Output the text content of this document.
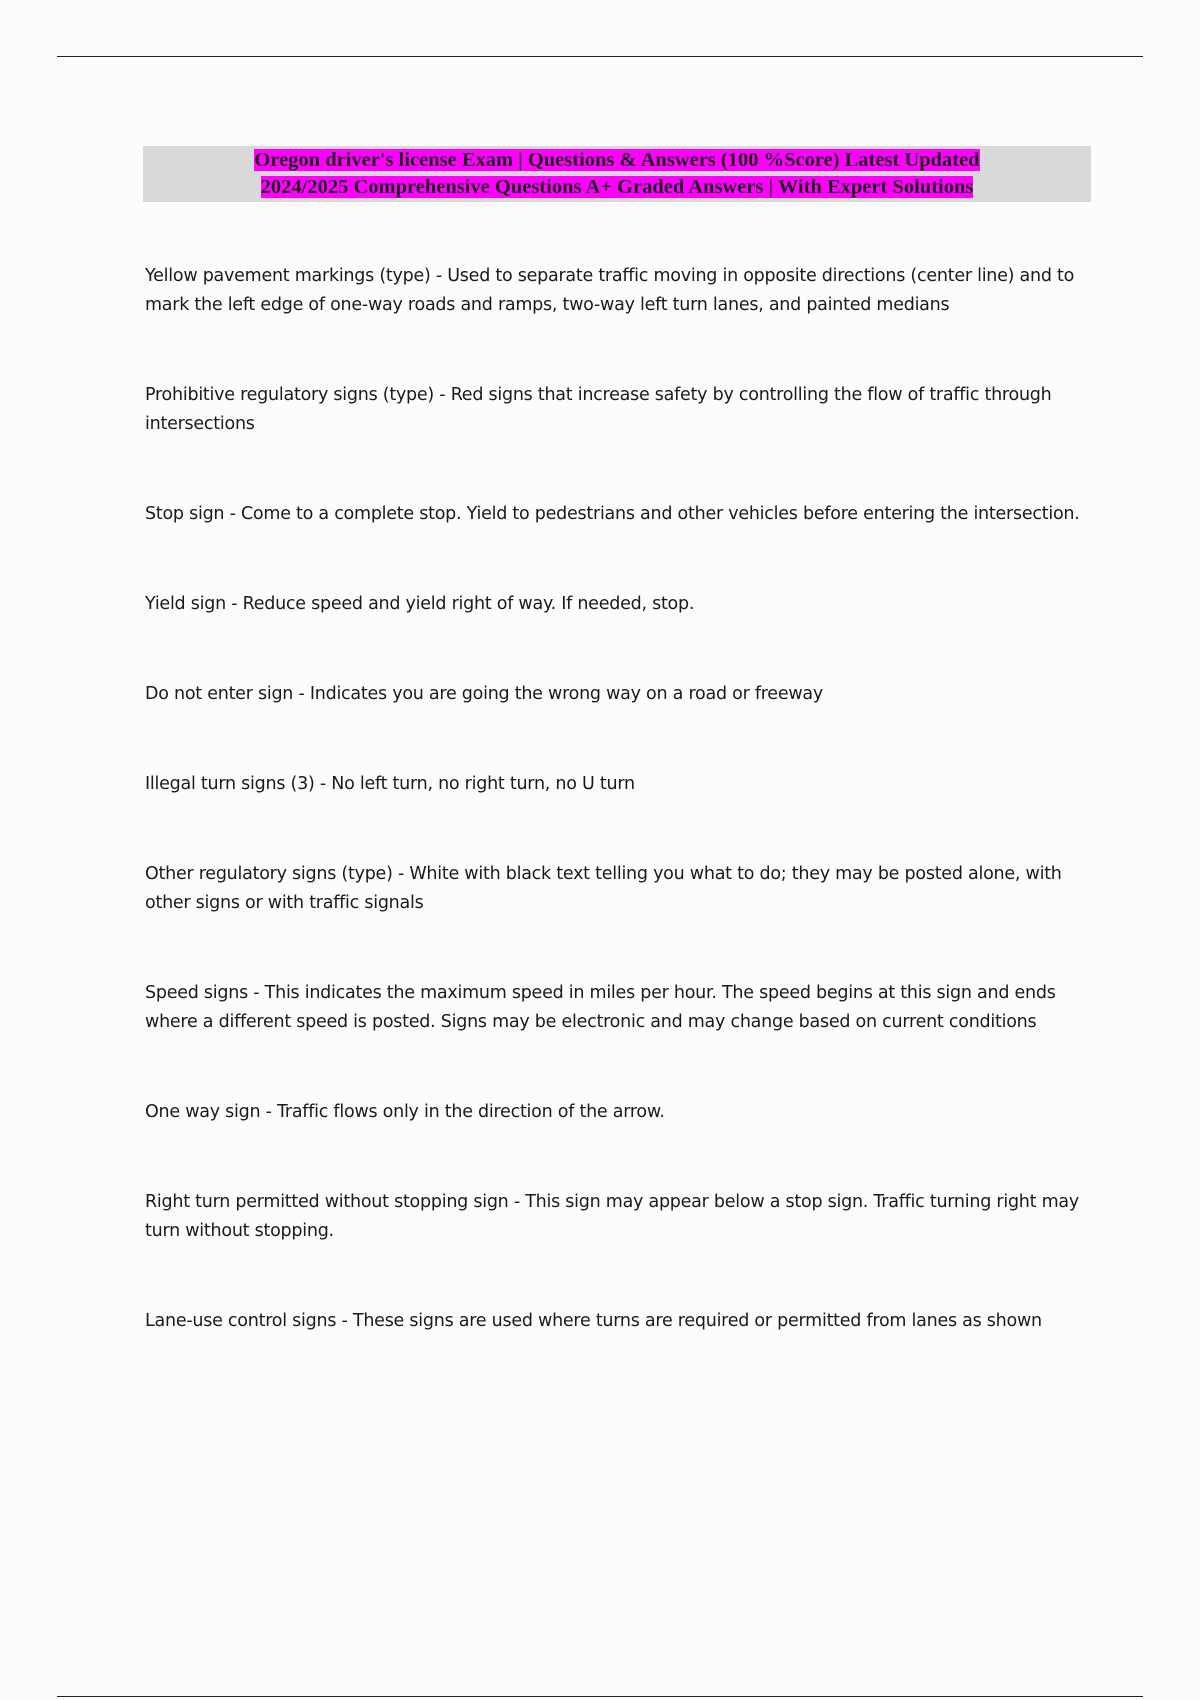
Oregon driver's license Exam | Questions & Answers (100 %Score) Latest Updated
2024/2025 Comprehensive Questions A+ Graded Answers | With Expert Solutions

Yellow pavement markings (type) - Used to separate traffic moving in opposite directions (center line) and to mark the left edge of one-way roads and ramps, two-way left turn lanes, and painted medians

Prohibitive regulatory signs (type) - Red signs that increase safety by controlling the flow of traffic through intersections

Stop sign - Come to a complete stop. Yield to pedestrians and other vehicles before entering the intersection.

Yield sign - Reduce speed and yield right of way. If needed, stop.

Do not enter sign - Indicates you are going the wrong way on a road or freeway

Illegal turn signs (3) - No left turn, no right turn, no U turn

Other regulatory signs (type) - White with black text telling you what to do; they may be posted alone, with other signs or with traffic signals

Speed signs - This indicates the maximum speed in miles per hour. The speed begins at this sign and ends where a different speed is posted. Signs may be electronic and may change based on current conditions

One way sign - Traffic flows only in the direction of the arrow.

Right turn permitted without stopping sign - This sign may appear below a stop sign. Traffic turning right may turn without stopping.

Lane-use control signs - These signs are used where turns are required or permitted from lanes as shown
